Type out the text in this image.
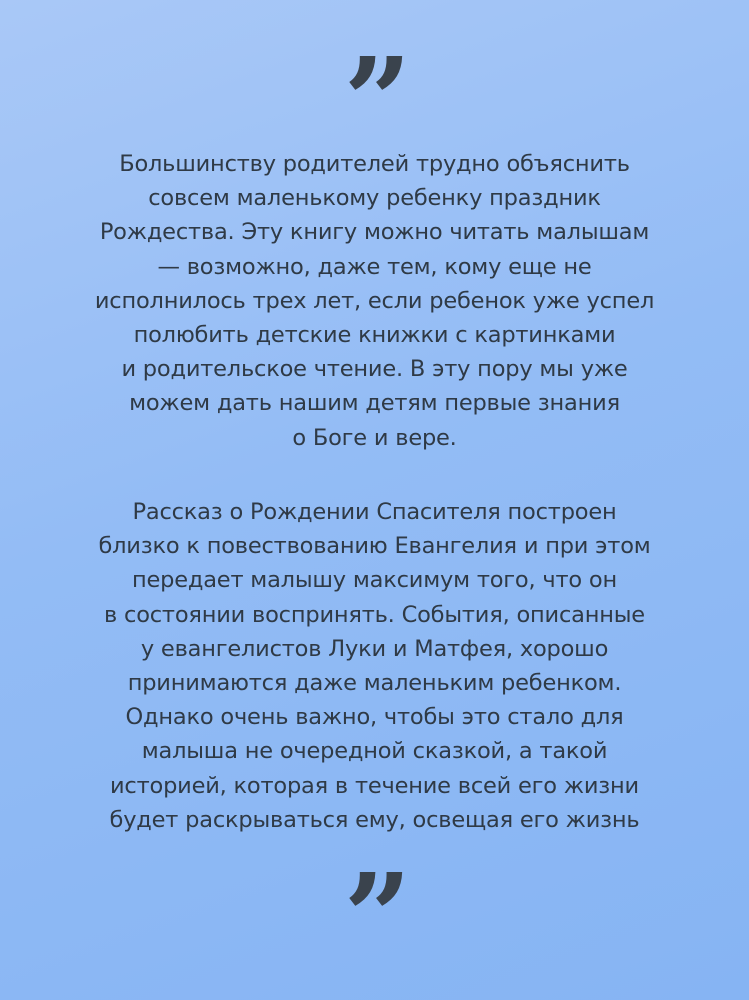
”
Большинству родителей трудно объяснить
совсем маленькому ребенку праздник
Рождества. Эту книгу можно читать малышам
— возможно, даже тем, кому еще не
исполнилось трех лет, если ребенок уже успел
полюбить детские книжки с картинками
и родительское чтение. В эту пору мы уже
можем дать нашим детям первые знания
о Боге и вере.
Рассказ о Рождении Спасителя построен
близко к повествованию Евангелия и при этом
передает малышу максимум того, что он
в состоянии воспринять. События, описанные
у евангелистов Луки и Матфея, хорошо
принимаются даже маленьким ребенком.
Однако очень важно, чтобы это стало для
малыша не очередной сказкой, а такой
историей, которая в течение всей его жизни
будет раскрываться ему, освещая его жизнь
”
